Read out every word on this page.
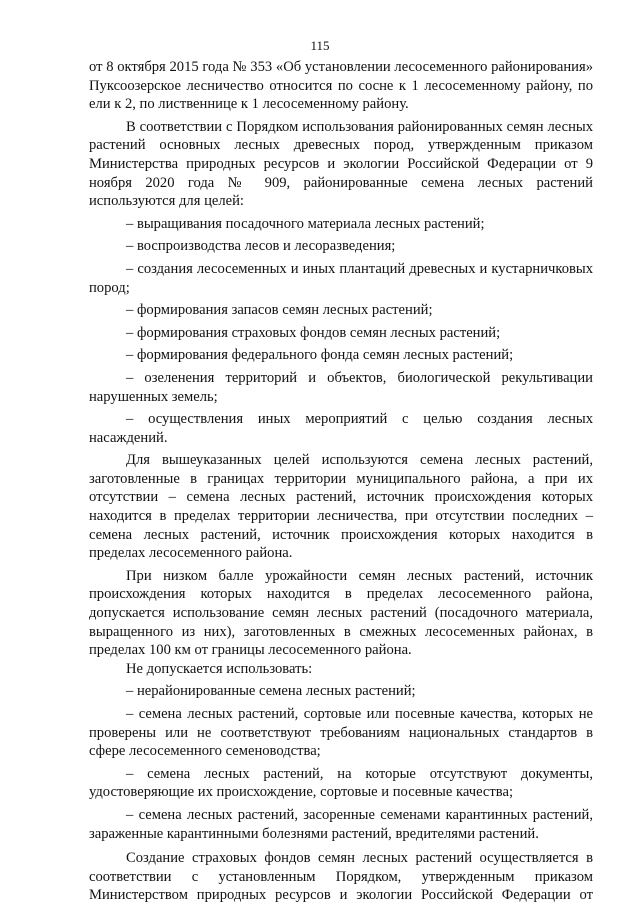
115

от 8 октября 2015 года № 353 «Об установлении лесосеменного районирования» Пуксоозерское лесничество относится по сосне к 1 лесосеменному району, по ели к 2, по лиственнице к 1 лесосеменному району.

В соответствии с Порядком использования районированных семян лесных растений основных лесных древесных пород, утвержденным приказом Министерства природных ресурсов и экологии Российской Федерации от 9 ноября 2020 года № 909, районированные семена лесных растений используются для целей:

– выращивания посадочного материала лесных растений;

– воспроизводства лесов и лесоразведения;

– создания лесосеменных и иных плантаций древесных и кустарничковых пород;

– формирования запасов семян лесных растений;

– формирования страховых фондов семян лесных растений;

– формирования федерального фонда семян лесных растений;

– озеленения территорий и объектов, биологической рекультивации нарушенных земель;

– осуществления иных мероприятий с целью создания лесных насаждений.

Для вышеуказанных целей используются семена лесных растений, заготовленные в границах территории муниципального района, а при их отсутствии – семена лесных растений, источник происхождения которых находится в пределах территории лесничества, при отсутствии последних – семена лесных растений, источник происхождения которых находится в пределах лесосеменного района.

При низком балле урожайности семян лесных растений, источник происхождения которых находится в пределах лесосеменного района, допускается использование семян лесных растений (посадочного материала, выращенного из них), заготовленных в смежных лесосеменных районах, в пределах 100 км от границы лесосеменного района.

Не допускается использовать:

– нерайонированные семена лесных растений;

– семена лесных растений, сортовые или посевные качества, которых не проверены или не соответствуют требованиям национальных стандартов в сфере лесосеменного семеноводства;

– семена лесных растений, на которые отсутствуют документы, удостоверяющие их происхождение, сортовые и посевные качества;

– семена лесных растений, засоренные семенами карантинных растений, зараженные карантинными болезнями растений, вредителями растений.

Создание страховых фондов семян лесных растений осуществляется в соответствии с установленным Порядком, утвержденным приказом Министерством природных ресурсов и экологии Российской Федерации от
